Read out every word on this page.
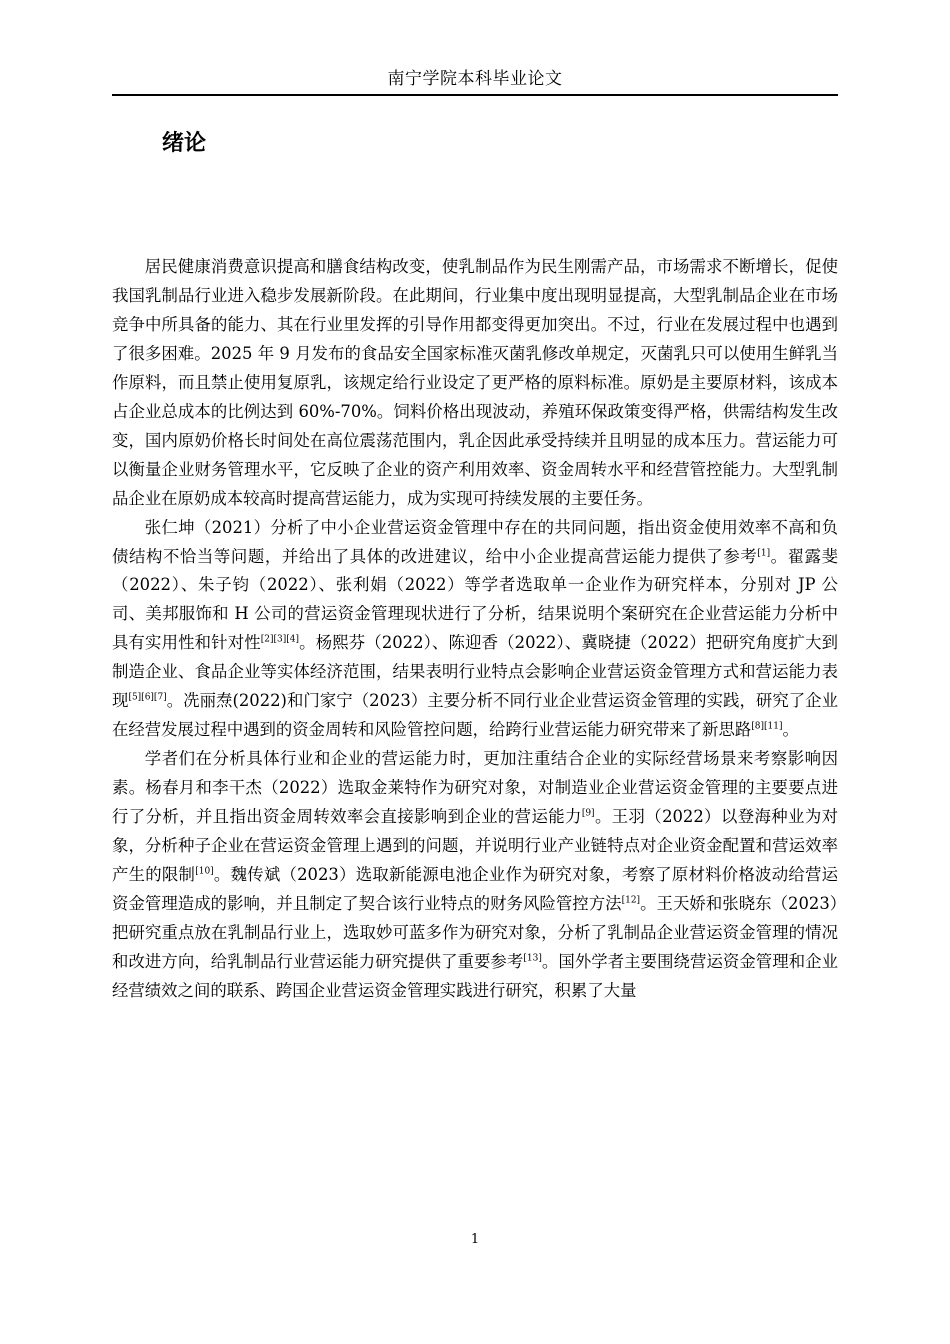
南宁学院本科毕业论文
绪论

居民健康消费意识提高和膳食结构改变，使乳制品作为民生刚需产品，市场需求不断增长，促使我国乳制品行业进入稳步发展新阶段。在此期间，行业集中度出现明显提高，大型乳制品企业在市场竞争中所具备的能力、其在行业里发挥的引导作用都变得更加突出。不过，行业在发展过程中也遇到了很多困难。2025 年 9 月发布的食品安全国家标准灭菌乳修改单规定，灭菌乳只可以使用生鲜乳当作原料，而且禁止使用复原乳，该规定给行业设定了更严格的原料标准。原奶是主要原材料，该成本占企业总成本的比例达到 60%-70%。饲料价格出现波动，养殖环保政策变得严格，供需结构发生改变，国内原奶价格长时间处在高位震荡范围内，乳企因此承受持续并且明显的成本压力。营运能力可以衡量企业财务管理水平，它反映了企业的资产利用效率、资金周转水平和经营管控能力。大型乳制品企业在原奶成本较高时提高营运能力，成为实现可持续发展的主要任务。

张仁坤（2021）分析了中小企业营运资金管理中存在的共同问题，指出资金使用效率不高和负债结构不恰当等问题，并给出了具体的改进建议，给中小企业提高营运能力提供了参考[1]。翟露斐（2022）、朱子钧（2022）、张利娟（2022）等学者选取单一企业作为研究样本，分别对 JP 公司、美邦服饰和 H 公司的营运资金管理现状进行了分析，结果说明个案研究在企业营运能力分析中具有实用性和针对性[2][3][4]。杨熙芬（2022）、陈迎香（2022）、冀晓捷（2022）把研究角度扩大到制造企业、食品企业等实体经济范围，结果表明行业特点会影响企业营运资金管理方式和营运能力表现[5][6][7]。冼丽焘(2022)和门家宁（2023）主要分析不同行业企业营运资金管理的实践，研究了企业在经营发展过程中遇到的资金周转和风险管控问题，给跨行业营运能力研究带来了新思路[8][11]。

学者们在分析具体行业和企业的营运能力时，更加注重结合企业的实际经营场景来考察影响因素。杨春月和李干杰（2022）选取金莱特作为研究对象，对制造业企业营运资金管理的主要要点进行了分析，并且指出资金周转效率会直接影响到企业的营运能力[9]。王羽（2022）以登海种业为对象，分析种子企业在营运资金管理上遇到的问题，并说明行业产业链特点对企业资金配置和营运效率产生的限制[10]。魏传斌（2023）选取新能源电池企业作为研究对象，考察了原材料价格波动给营运资金管理造成的影响，并且制定了契合该行业特点的财务风险管控方法[12]。王天娇和张晓东（2023）把研究重点放在乳制品行业上，选取妙可蓝多作为研究对象，分析了乳制品企业营运资金管理的情况和改进方向，给乳制品行业营运能力研究提供了重要参考[13]。国外学者主要围绕营运资金管理和企业经营绩效之间的联系、跨国企业营运资金管理实践进行研究，积累了大量

1
